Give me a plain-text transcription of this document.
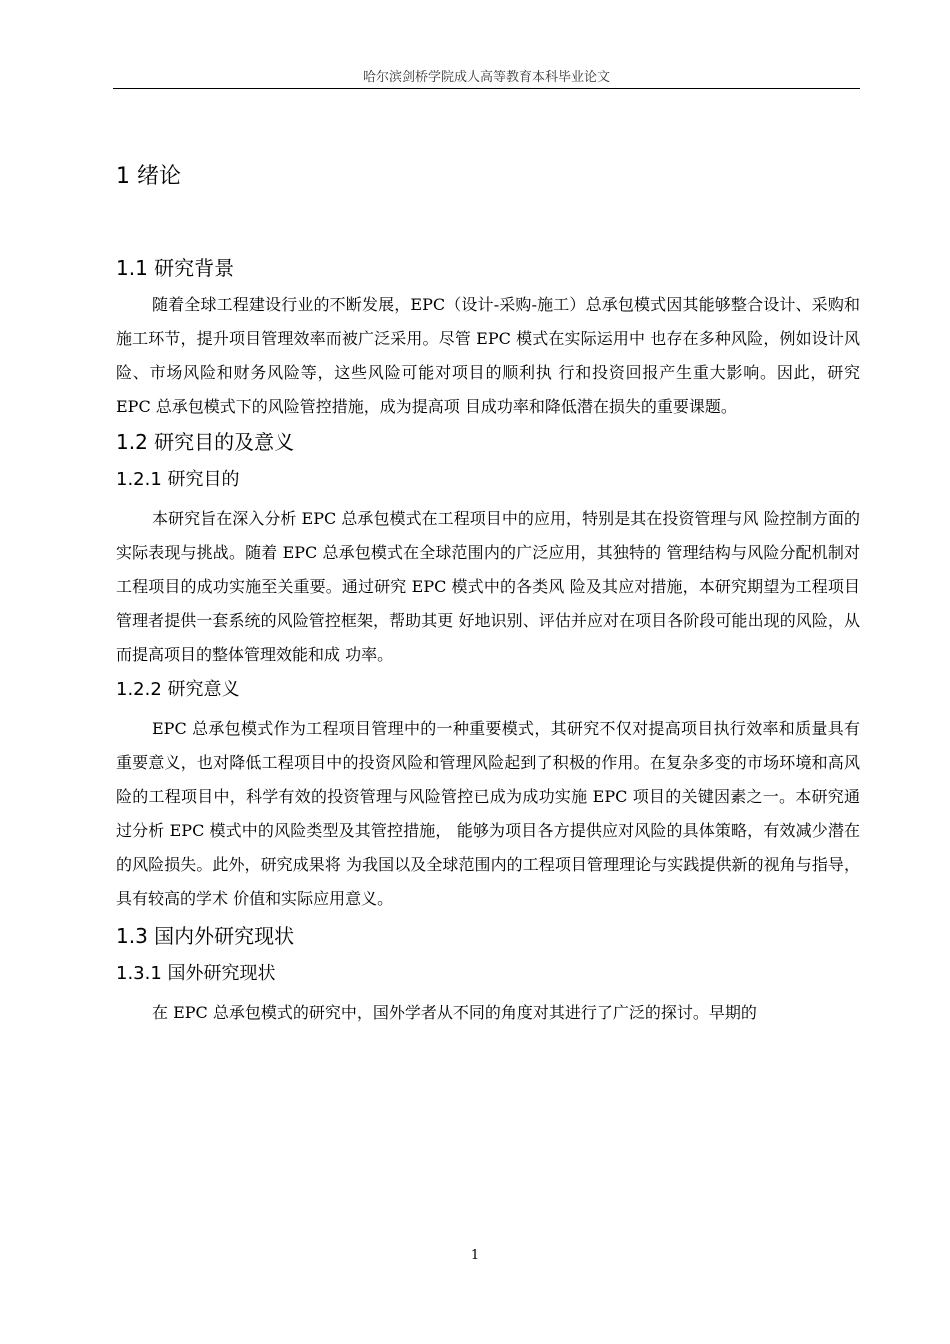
哈尔滨剑桥学院成人高等教育本科毕业论文
1 绪论
1.1 研究背景

随着全球工程建设行业的不断发展，EPC（设计-采购-施工）总承包模式因其能够整合设计、采购和施工环节，提升项目管理效率而被广泛采用。尽管 EPC 模式在实际运用中 也存在多种风险，例如设计风险、市场风险和财务风险等，这些风险可能对项目的顺利执 行和投资回报产生重大影响。因此，研究 EPC 总承包模式下的风险管控措施，成为提高项 目成功率和降低潜在损失的重要课题。

1.2 研究目的及意义
1.2.1 研究目的

本研究旨在深入分析 EPC 总承包模式在工程项目中的应用，特别是其在投资管理与风 险控制方面的实际表现与挑战。随着 EPC 总承包模式在全球范围内的广泛应用，其独特的 管理结构与风险分配机制对工程项目的成功实施至关重要。通过研究 EPC 模式中的各类风 险及其应对措施，本研究期望为工程项目管理者提供一套系统的风险管控框架，帮助其更 好地识别、评估并应对在项目各阶段可能出现的风险，从而提高项目的整体管理效能和成 功率。

1.2.2 研究意义

EPC 总承包模式作为工程项目管理中的一种重要模式，其研究不仅对提高项目执行效率和质量具有重要意义，也对降低工程项目中的投资风险和管理风险起到了积极的作用。在复杂多变的市场环境和高风险的工程项目中，科学有效的投资管理与风险管控已成为成功实施 EPC 项目的关键因素之一。本研究通过分析 EPC 模式中的风险类型及其管控措施， 能够为项目各方提供应对风险的具体策略，有效减少潜在的风险损失。此外，研究成果将 为我国以及全球范围内的工程项目管理理论与实践提供新的视角与指导，具有较高的学术 价值和实际应用意义。

1.3 国内外研究现状
1.3.1 国外研究现状

在 EPC 总承包模式的研究中，国外学者从不同的角度对其进行了广泛的探讨。早期的

1
